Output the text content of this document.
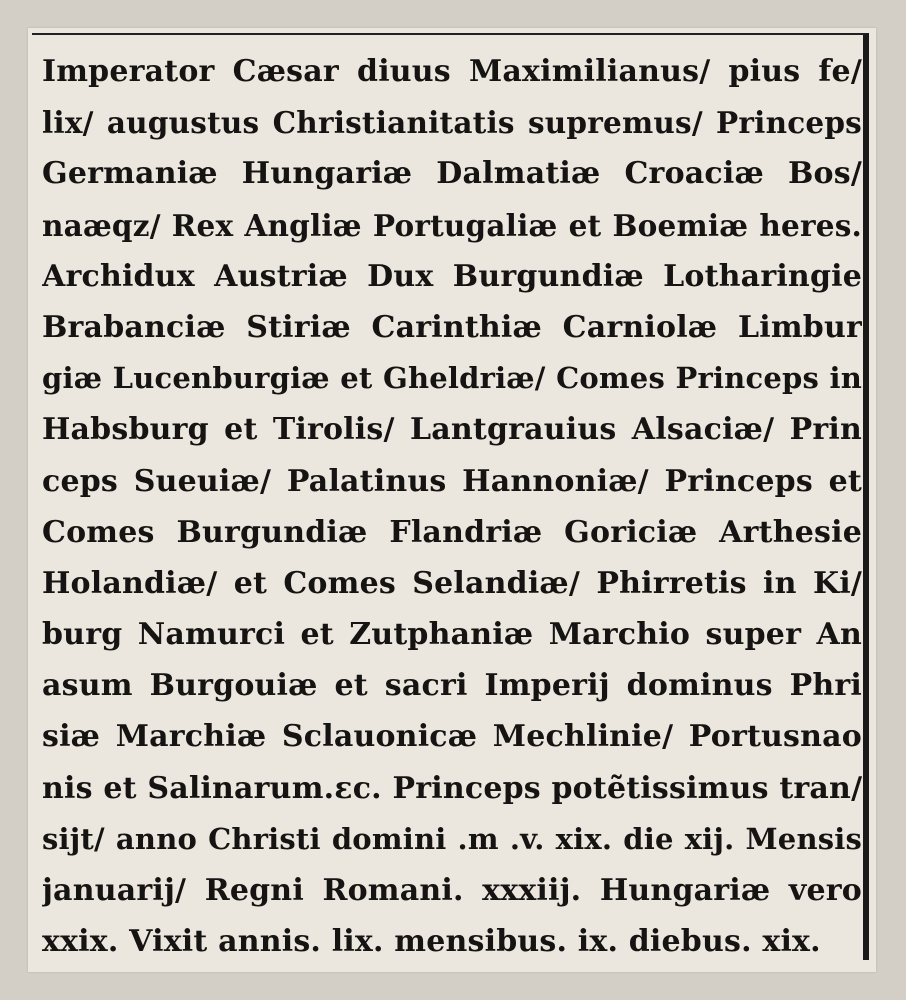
Imperator Cæsar diuus Maximilianus/ pius fe/
lix/ augustus Christianitatis supremus/ Princeps
Germaniæ Hungariæ Dalmatiæ Croaciæ Bos/
naæqz/ Rex Angliæ Portugaliæ et Boemiæ heres.
Archidux Austriæ Dux Burgundiæ Lotharingie
Brabanciæ Stiriæ Carinthiæ Carniolæ Limbur
giæ Lucenburgiæ et Gheldriæ/ Comes Princeps in
Habsburg et Tirolis/ Lantgrauius Alsaciæ/ Prin
ceps Sueuiæ/ Palatinus Hannoniæ/ Princeps et
Comes Burgundiæ Flandriæ Goriciæ Arthesie
Holandiæ/ et Comes Selandiæ/ Phirretis in Ki/
burg Namurci et Zutphaniæ Marchio super An
asum Burgouiæ et sacri Imperij dominus Phri
siæ Marchiæ Sclauonicæ Mechlinie/ Portusnao
nis et Salinarum.ɛc. Princeps potẽtissimus tran/
sijt/ anno Christi domini .m .v. xix. die xij. Mensis
januarij/ Regni Romani. xxxiij. Hungariæ vero
xxix. Vixit annis. lix. mensibus. ix. diebus. xix.
